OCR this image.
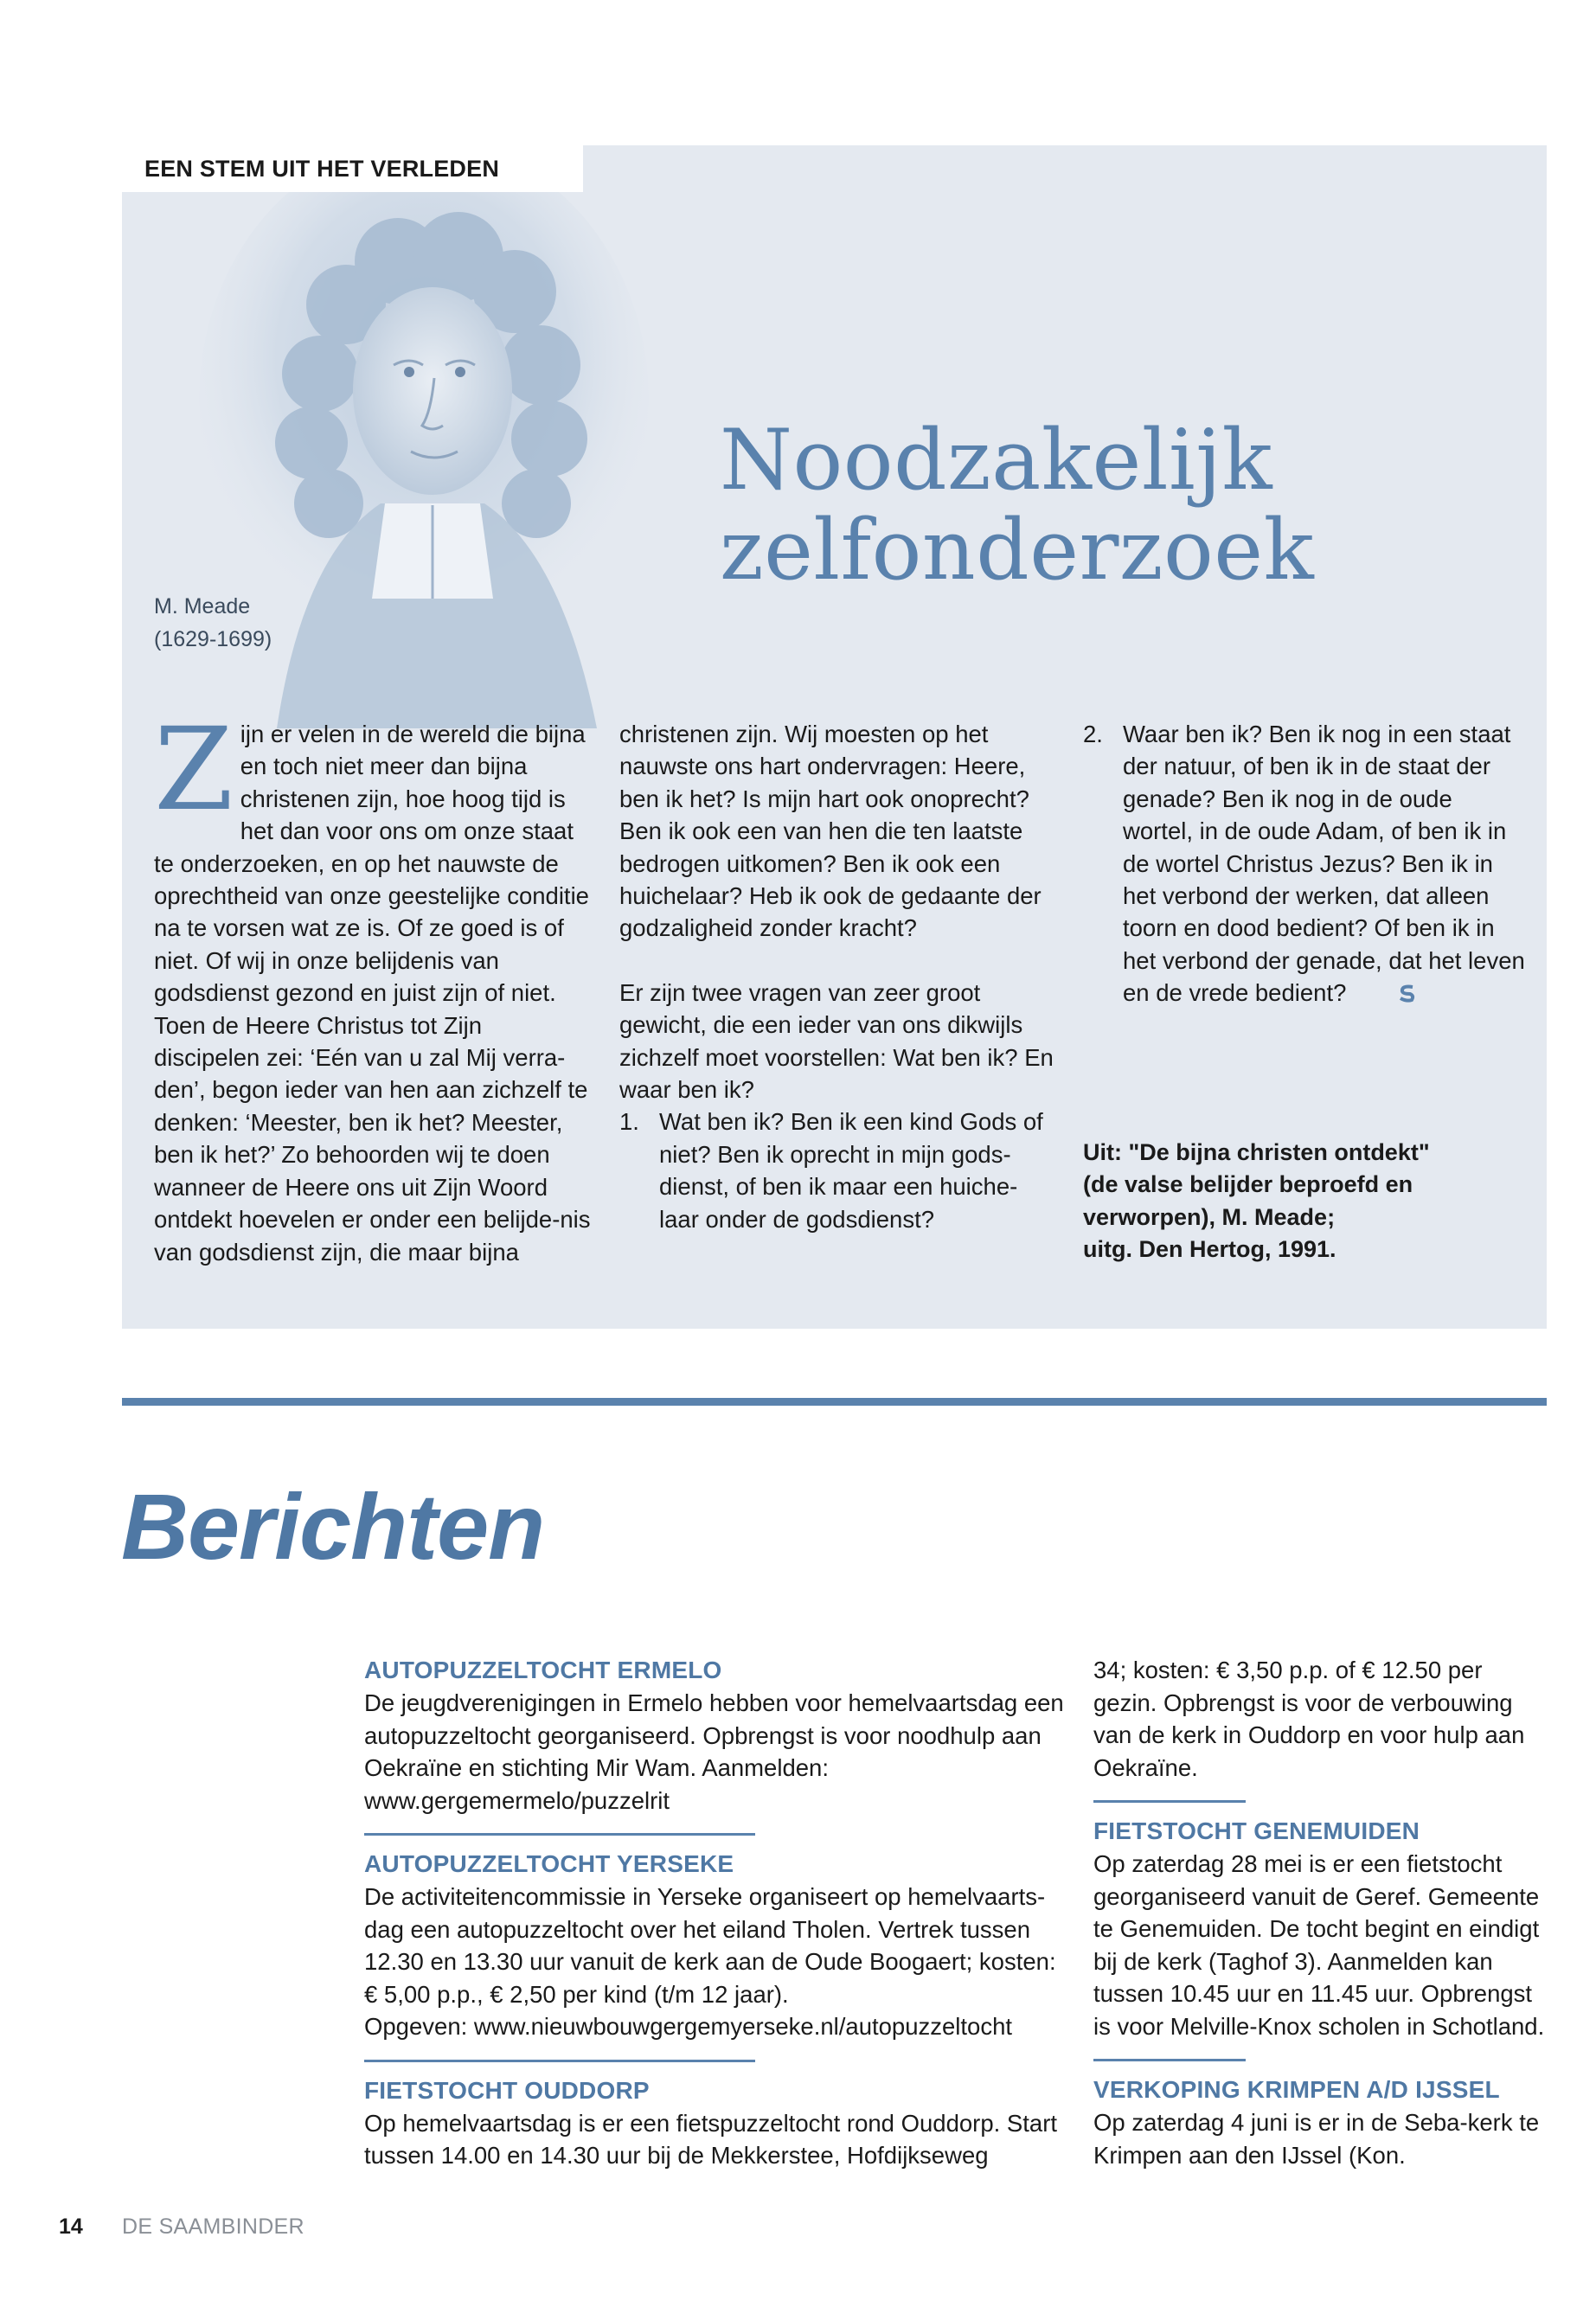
EEN STEM UIT HET VERLEDEN
M. Meade
(1629-1699)
Noodzakelijk
zelfonderzoek
Z ijn er velen in de wereld die bijna en toch niet meer dan bijna christenen zijn, hoe hoog tijd is het dan voor ons om onze staat te onderzoeken, en op het nauwste de oprechtheid van onze geestelijke conditie na te vorsen wat ze is. Of ze goed is of niet. Of wij in onze belijdenis van godsdienst gezond en juist zijn of niet. Toen de Heere Christus tot Zijn discipelen zei: ‘Eén van u zal Mij verra-den’, begon ieder van hen aan zichzelf te denken: ‘Meester, ben ik het? Meester, ben ik het?’ Zo behoorden wij te doen wanneer de Heere ons uit Zijn Woord ontdekt hoevelen er onder een belijde-nis van godsdienst zijn, die maar bijna

christenen zijn. Wij moesten op het nauwste ons hart ondervragen: Heere, ben ik het? Is mijn hart ook onoprecht? Ben ik ook een van hen die ten laatste bedrogen uitkomen? Ben ik ook een huichelaar? Heb ik ook de gedaante der godzaligheid zonder kracht?

Er zijn twee vragen van zeer groot gewicht, die een ieder van ons dikwijls zichzelf moet voorstellen: Wat ben ik? En waar ben ik?

1. Wat ben ik? Ben ik een kind Gods of niet? Ben ik oprecht in mijn gods-dienst, of ben ik maar een huiche-laar onder de godsdienst?
2. Waar ben ik? Ben ik nog in een staat der natuur, of ben ik in de staat der genade? Ben ik nog in de oude wortel, in de oude Adam, of ben ik in de wortel Christus Jezus? Ben ik in het verbond der werken, dat alleen toorn en dood bedient? Of ben ik in het verbond der genade, dat het leven en de vrede bedient?
Uit: "De bijna christen ontdekt"
(de valse belijder beproefd en
verworpen), M. Meade;
uitg. Den Hertog, 1991.
Berichten
AUTOPUZZELTOCHT ERMELO
De jeugdverenigingen in Ermelo hebben voor hemelvaartsdag een autopuzzeltocht georganiseerd. Opbrengst is voor noodhulp aan Oekraïne en stichting Mir Wam. Aanmelden: www.gergemermelo/puzzelrit
AUTOPUZZELTOCHT YERSEKE
De activiteitencommissie in Yerseke organiseert op hemelvaarts-dag een autopuzzeltocht over het eiland Tholen. Vertrek tussen 12.30 en 13.30 uur vanuit de kerk aan de Oude Boogaert; kosten: € 5,00 p.p., € 2,50 per kind (t/m 12 jaar).
Opgeven: www.nieuwbouwgergemyerseke.nl/autopuzzeltocht
FIETSTOCHT OUDDORP
Op hemelvaartsdag is er een fietspuzzeltocht rond Ouddorp. Start tussen 14.00 en 14.30 uur bij de Mekkerstee, Hofdijkseweg
34; kosten: € 3,50 p.p. of € 12.50 per gezin. Opbrengst is voor de verbouwing van de kerk in Ouddorp en voor hulp aan Oekraïne.
FIETSTOCHT GENEMUIDEN
Op zaterdag 28 mei is er een fietstocht georganiseerd vanuit de Geref. Gemeente te Genemuiden. De tocht begint en eindigt bij de kerk (Taghof 3). Aanmelden kan tussen 10.45 uur en 11.45 uur. Opbrengst is voor Melville-Knox scholen in Schotland.
VERKOPING KRIMPEN A/D IJSSEL
Op zaterdag 4 juni is er in de Seba-kerk te Krimpen aan den IJssel (Kon.
14 DE SAAMBINDER
